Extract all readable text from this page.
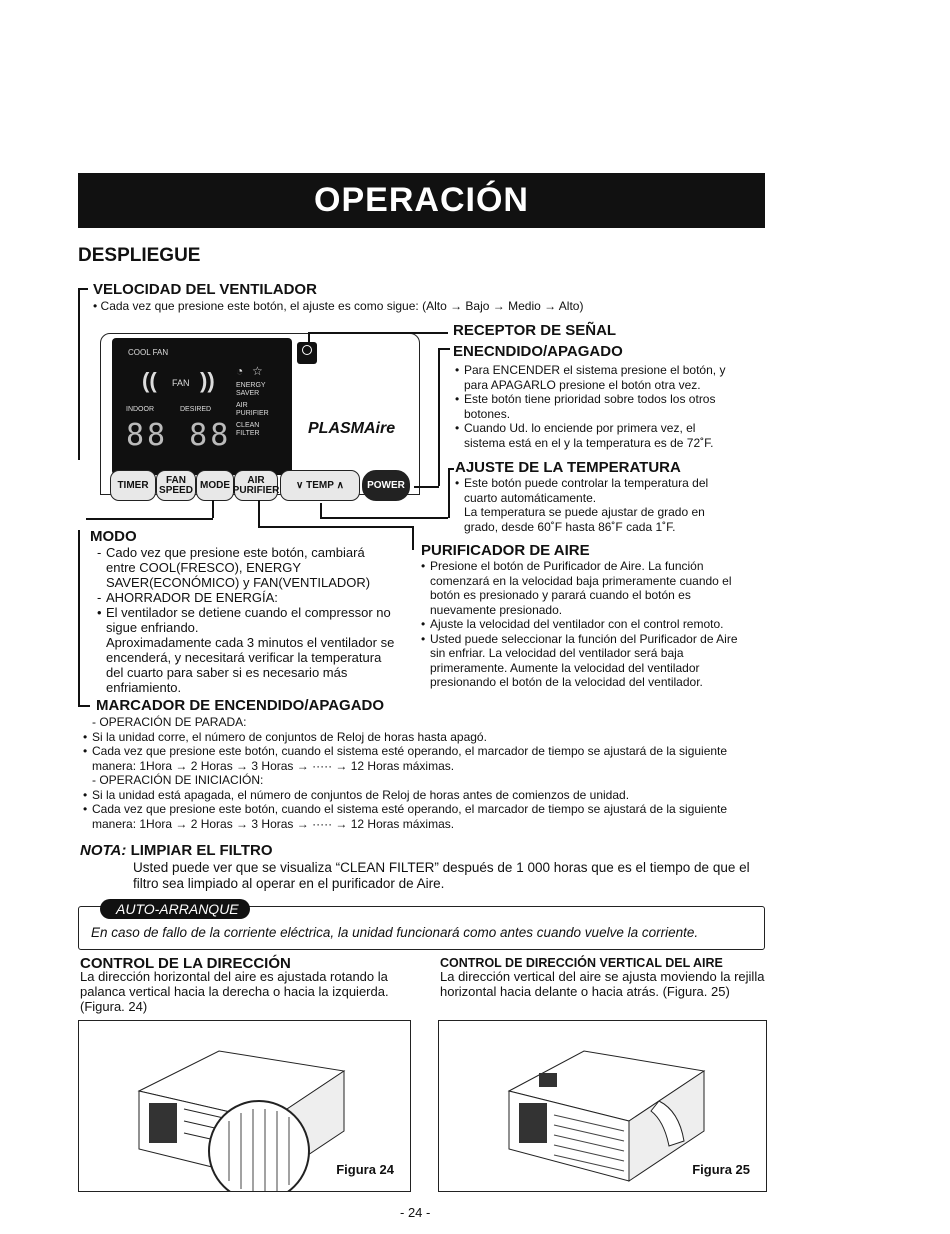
OPERACIÓN
DESPLIEGUE
VELOCIDAD DEL VENTILADOR
• Cada vez que presione este botón, el ajuste es como sigue: (Alto → Bajo → Medio → Alto)
COOL FAN
(( FAN )) ◔ ☆
ENERGY SAVER
INDOOR	DESIRED
AIR PURIFIER
88 88 CLEAN FILTER	PLASMAire
TIMER	FAN SPEED MODE	AIR PURIFIER ∨
TEMP
∧	POWER
RECEPTOR DE SEÑAL
ENECNDIDO/APAGADO
• Para ENCENDER el sistema presione el botón, y para APAGARLO presione el botón otra vez.
• Este botón tiene prioridad sobre todos los otros botones.
• Cuando Ud. lo enciende por primera vez, el sistema está en el y la temperatura es de 72˚F.
AJUSTE DE LA TEMPERATURA
• Este botón puede controlar la temperatura del cuarto automáticamente.
La temperatura se puede ajustar de grado en grado, desde 60˚F hasta 86˚F cada 1˚F.
MODO
- Cado vez que presione este botón, cambiará entre COOL(FRESCO), ENERGY SAVER(ECONÓMICO) y FAN(VENTILADOR)
- AHORRADOR DE ENERGÍA:
• El ventilador se detiene cuando el compressor no sigue enfriando.
Aproximadamente cada 3 minutos el ventilador se encenderá, y necesitará verificar la temperatura del cuarto para saber si es necesario más enfriamiento.
PURIFICADOR DE AIRE
• Presione el botón de Purificador de Aire. La función comenzará en la velocidad baja primeramente cuando el botón es presionado y parará cuando el botón es nuevamente presionado.
• Ajuste la velocidad del ventilador con el control remoto.
• Usted puede seleccionar la función del Purificador de Aire sin enfriar. La velocidad del ventilador será baja primeramente. Aumente la velocidad del ventilador presionando el botón de la velocidad del ventilador.
MARCADOR DE ENCENDIDO/APAGADO
- OPERACIÓN DE PARADA:
• Si la unidad corre, el número de conjuntos de Reloj de horas hasta apagó.
• Cada vez que presione este botón, cuando el sistema esté operando, el marcador de tiempo se ajustará de la siguiente manera: 1Hora → 2 Horas → 3 Horas → ····· → 12 Horas máximas.
- OPERACIÓN DE INICIACIÓN:
• Si la unidad está apagada, el número de conjuntos de Reloj de horas antes de comienzos de unidad.
• Cada vez que presione este botón, cuando el sistema esté operando, el marcador de tiempo se ajustará de la siguiente manera: 1Hora → 2 Horas → 3 Horas → ····· → 12 Horas máximas.
NOTA: LIMPIAR EL FILTRO
Usted puede ver que se visualiza “CLEAN FILTER” después de 1 000 horas que es el tiempo de que el filtro sea limpiado al operar en el purificador de Aire.
AUTO-ARRANQUE
En caso de fallo de la corriente eléctrica, la unidad funcionará como antes cuando vuelve la corriente.
CONTROL DE LA DIRECCIÓN
La dirección horizontal del aire es ajustada rotando la palanca vertical hacia la derecha o hacia la izquierda. (Figura. 24)
CONTROL DE DIRECCIÓN VERTICAL DEL AIRE
La dirección vertical del aire se ajusta moviendo la rejilla horizontal hacia delante o hacia atrás. (Figura. 25)
Figura 24	Figura 25
- 24 -
